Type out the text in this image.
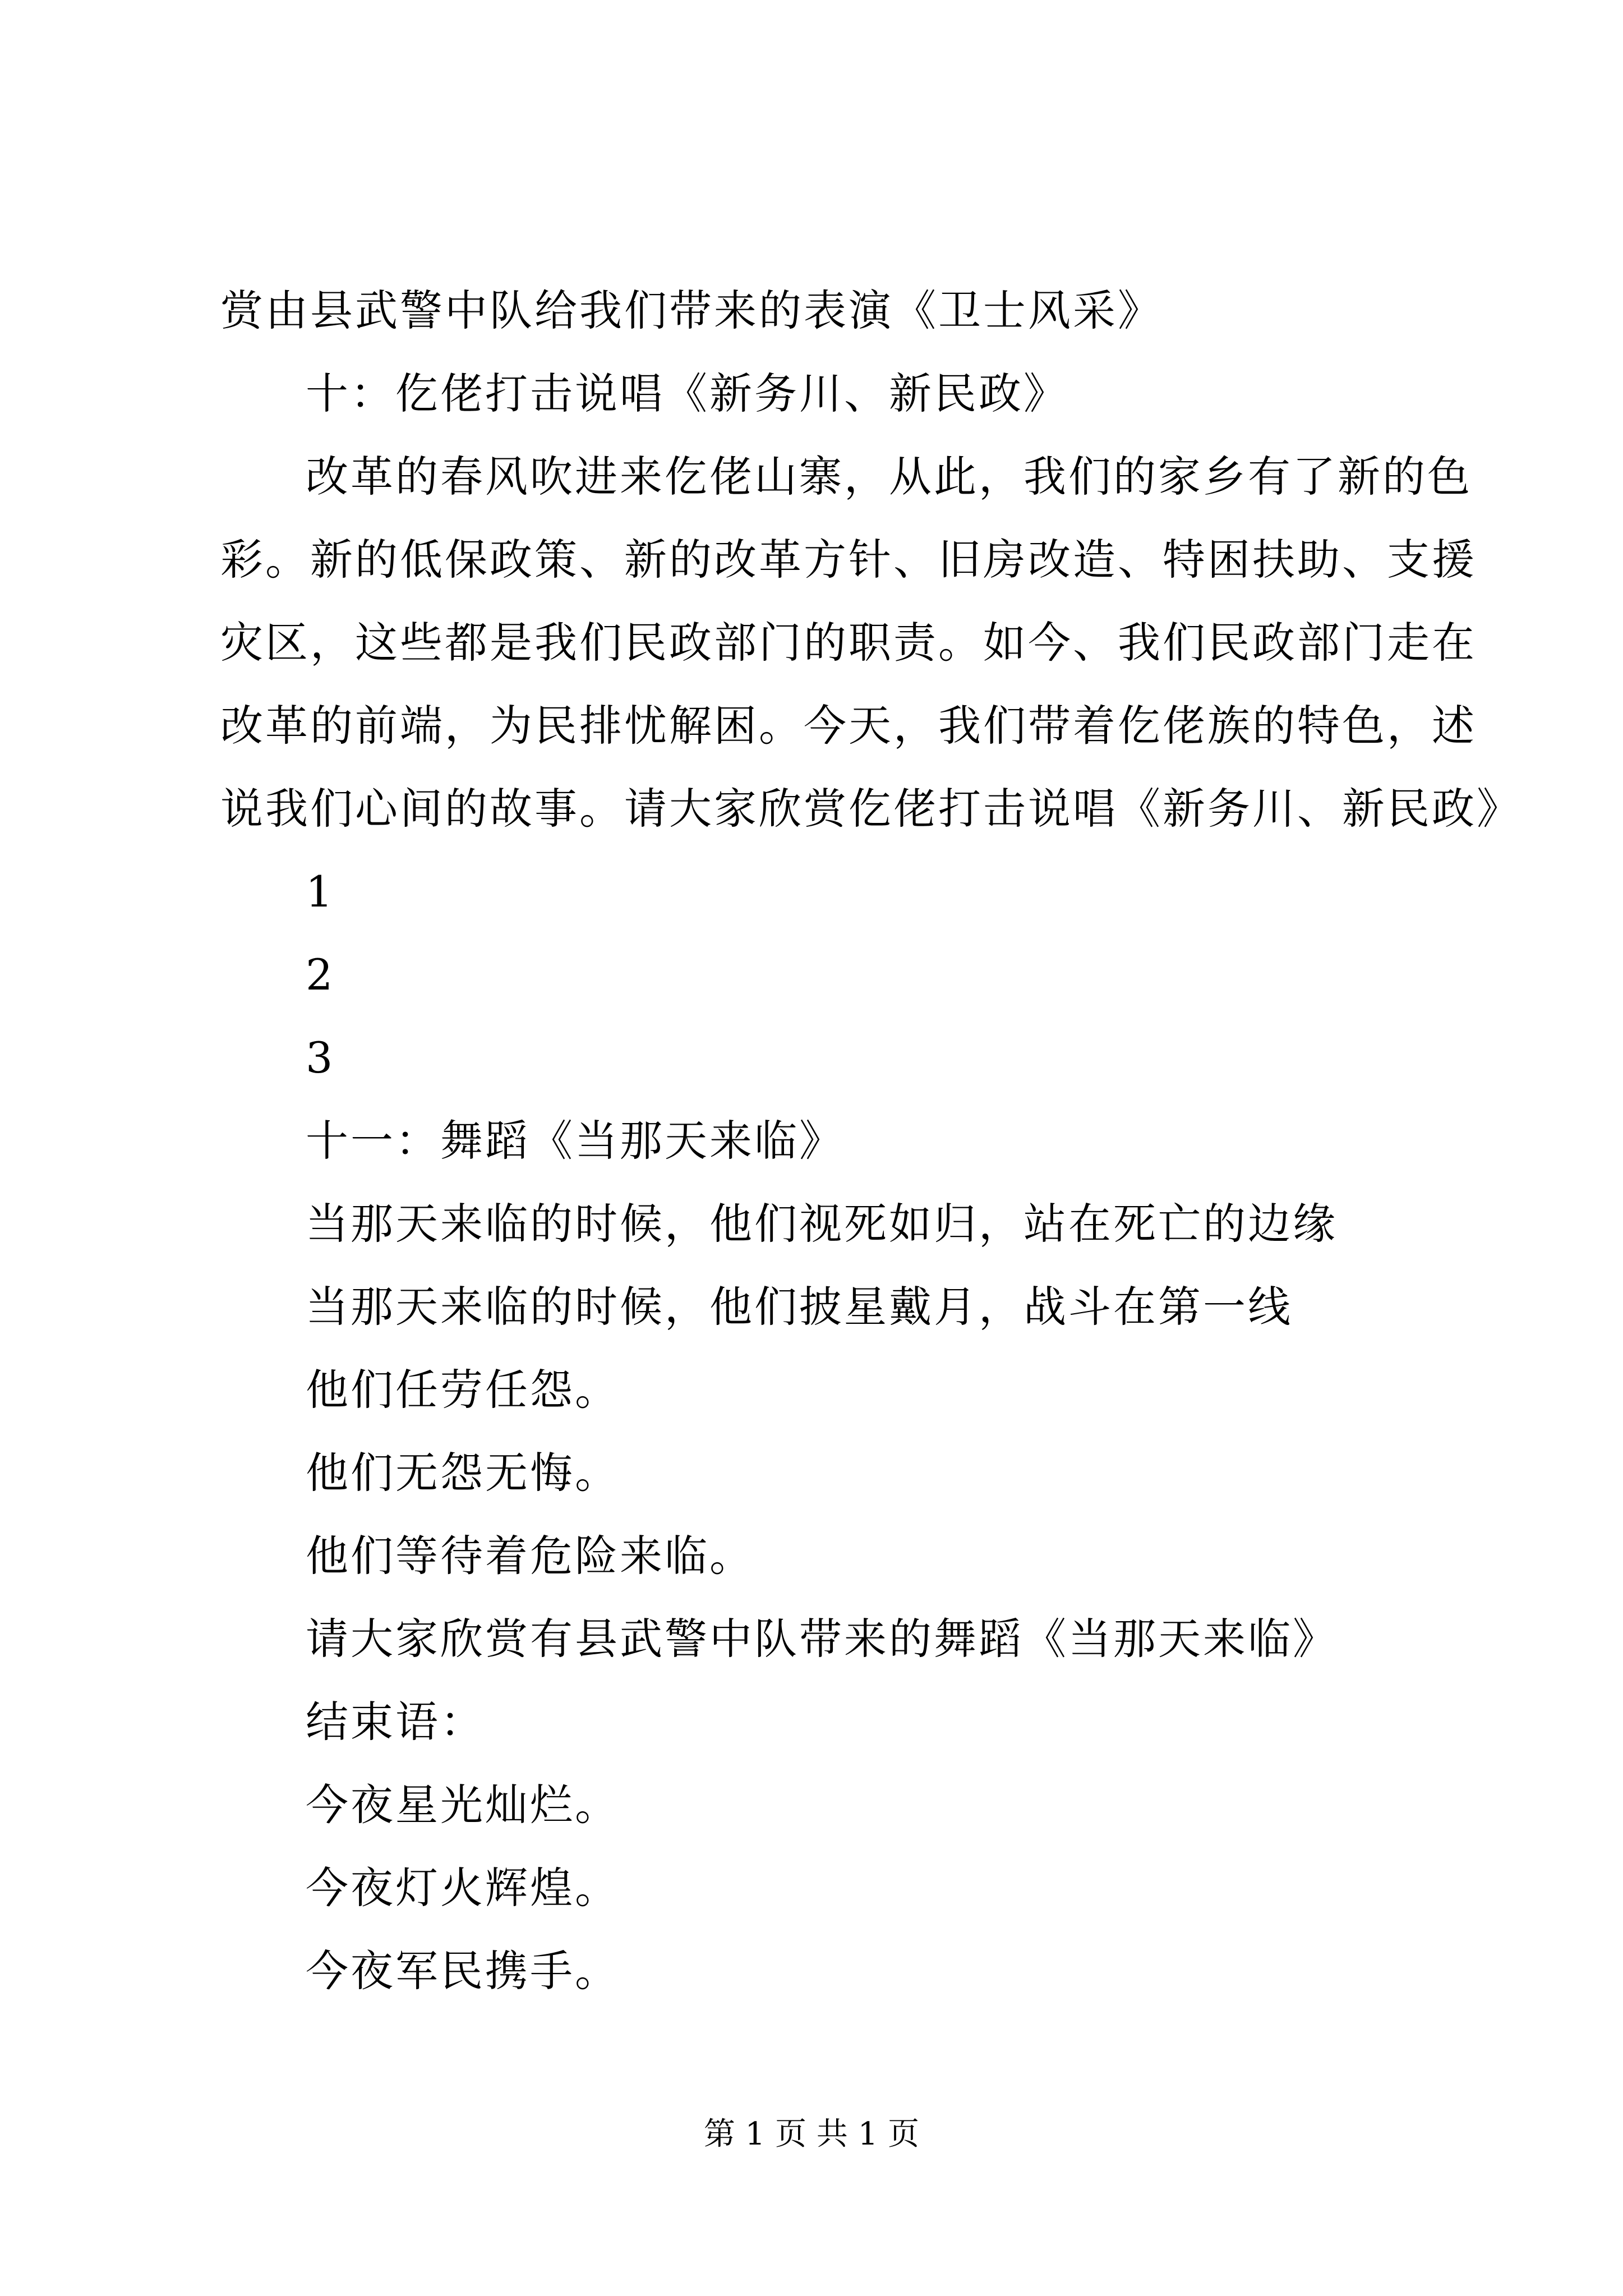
赏由县武警中队给我们带来的表演《卫士风采》
十：仡佬打击说唱《新务川、新民政》
改革的春风吹进来仡佬山寨，从此，我们的家乡有了新的色
彩。新的低保政策、新的改革方针、旧房改造、特困扶助、支援
灾区，这些都是我们民政部门的职责。如今、我们民政部门走在
改革的前端，为民排忧解困。今天，我们带着仡佬族的特色，述
说我们心间的故事。请大家欣赏仡佬打击说唱《新务川、新民政》
1
2
3
十一：舞蹈《当那天来临》
当那天来临的时候，他们视死如归，站在死亡的边缘
当那天来临的时候，他们披星戴月，战斗在第一线
他们任劳任怨。
他们无怨无悔。
他们等待着危险来临。
请大家欣赏有县武警中队带来的舞蹈《当那天来临》
结束语：
今夜星光灿烂。
今夜灯火辉煌。
今夜军民携手。
第 1 页 共 1 页
